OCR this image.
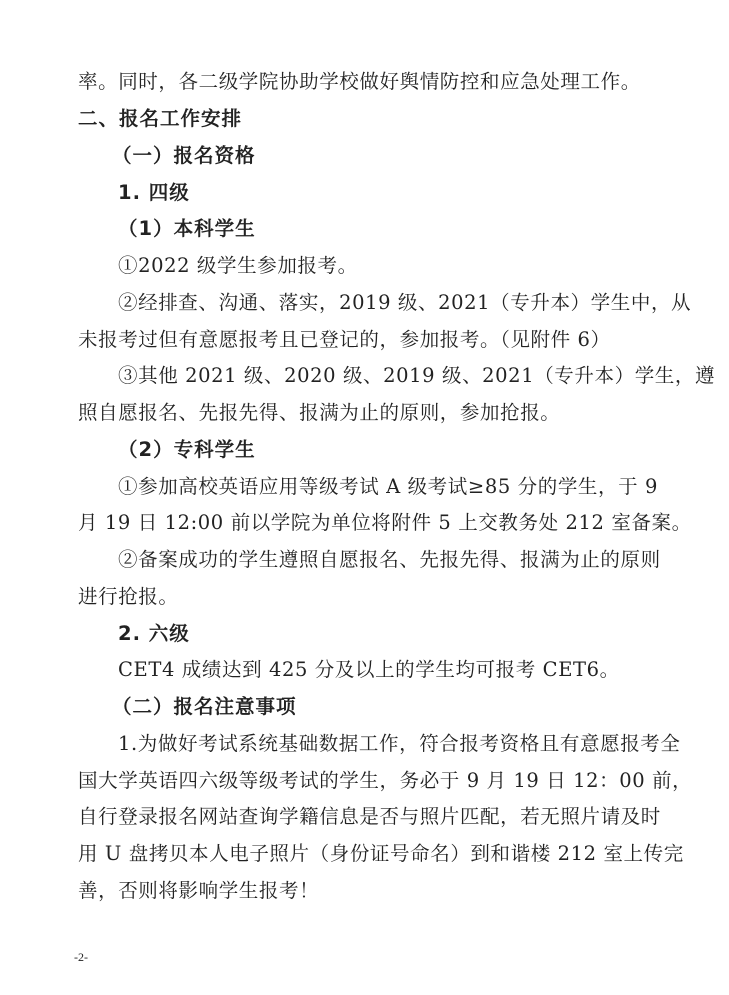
率。同时，各二级学院协助学校做好舆情防控和应急处理工作。
二、报名工作安排
（一）报名资格
1. 四级
（1）本科学生
①2022 级学生参加报考。
②经排查、沟通、落实，2019 级、2021（专升本）学生中，从
未报考过但有意愿报考且已登记的，参加报考。（见附件 6）
③其他 2021 级、2020 级、2019 级、2021（专升本）学生，遵
照自愿报名、先报先得、报满为止的原则，参加抢报。
（2）专科学生
①参加高校英语应用等级考试 A 级考试≥85 分的学生，于 9
月 19 日 12:00 前以学院为单位将附件 5 上交教务处 212 室备案。
②备案成功的学生遵照自愿报名、先报先得、报满为止的原则
进行抢报。
2. 六级
CET4 成绩达到 425 分及以上的学生均可报考 CET6。
（二）报名注意事项
1.为做好考试系统基础数据工作，符合报考资格且有意愿报考全
国大学英语四六级等级考试的学生，务必于 9 月 19 日 12：00 前，
自行登录报名网站查询学籍信息是否与照片匹配，若无照片请及时
用 U 盘拷贝本人电子照片（身份证号命名）到和谐楼 212 室上传完
善，否则将影响学生报考！
-2-
